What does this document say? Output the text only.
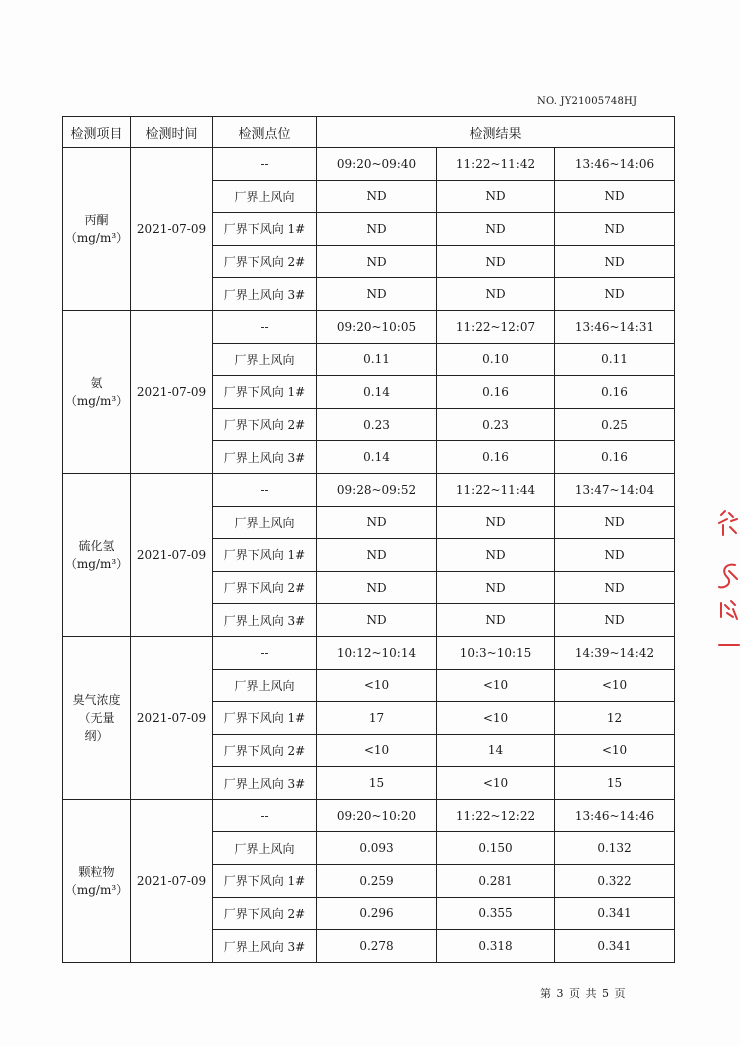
NO. JY21005748HJ
检测项目	检测时间	检测点位	检测结果		

丙酮
（mg/m³）	2021-07-09	--	09:20~09:40	11:22~11:42	13:46~14:06
		厂界上风向	ND	ND	ND
		厂界下风向 1#	ND	ND	ND
		厂界下风向 2#	ND	ND	ND
		厂界上风向 3#	ND	ND	ND

氨
（mg/m³）	2021-07-09	--	09:20~10:05	11:22~12:07	13:46~14:31
		厂界上风向	0.11	0.10	0.11
		厂界下风向 1#	0.14	0.16	0.16
		厂界下风向 2#	0.23	0.23	0.25
		厂界上风向 3#	0.14	0.16	0.16

硫化氢
（mg/m³）	2021-07-09	--	09:28~09:52	11:22~11:44	13:47~14:04
		厂界上风向	ND	ND	ND
		厂界下风向 1#	ND	ND	ND
		厂界下风向 2#	ND	ND	ND
		厂界上风向 3#	ND	ND	ND

臭气浓度
（无量
纲）	2021-07-09	--	10:12~10:14	10:3~10:15	14:39~14:42
		厂界上风向	<10	<10	<10
		厂界下风向 1#	17	<10	12
		厂界下风向 2#	<10	14	<10
		厂界上风向 3#	15	<10	15

颗粒物
（mg/m³）	2021-07-09	--	09:20~10:20	11:22~12:22	13:46~14:46
		厂界上风向	0.093	0.150	0.132
		厂界下风向 1#	0.259	0.281	0.322
		厂界下风向 2#	0.296	0.355	0.341
		厂界上风向 3#	0.278	0.318	0.341
第 3 页 共 5 页
